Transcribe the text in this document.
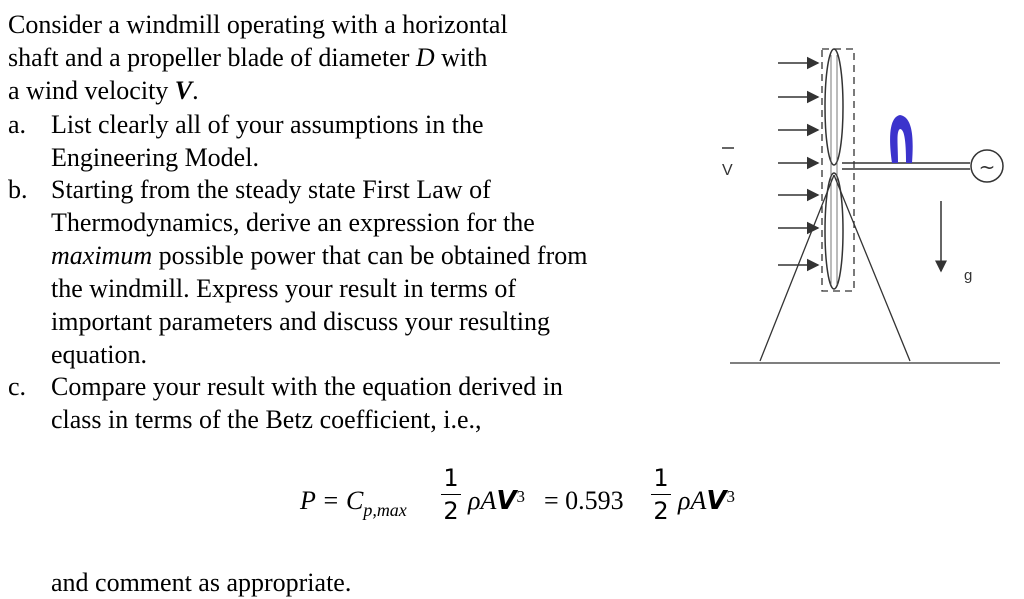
Consider a windmill operating with a horizontal
shaft and a propeller blade of diameter D with
a wind velocity V.
a. List clearly all of your assumptions in the
Engineering Model.
b. Starting from the steady state First Law of
Thermodynamics, derive an expression for the
maximum possible power that can be obtained from
the windmill. Express your result in terms of
important parameters and discuss your resulting
equation.
c. Compare your result with the equation derived in
class in terms of the Betz coefficient, i.e.,
$P = C_{p,max}$
1
2 ρAV$^3$ = 0.593
1
2 ρAV$^3$
and comment as appropriate.
V	~
g
